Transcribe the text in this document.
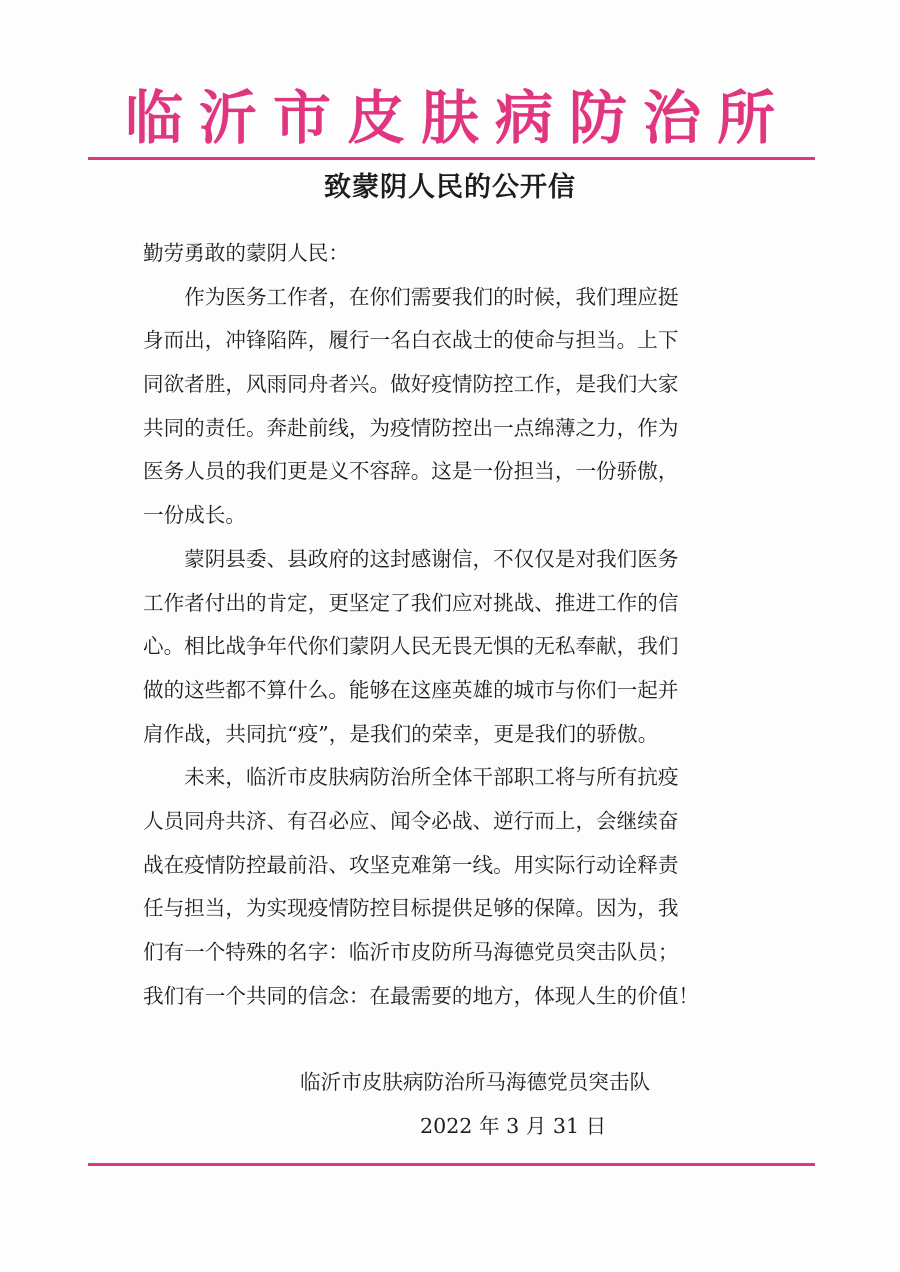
临沂市皮肤病防治所
致蒙阴人民的公开信
勤劳勇敢的蒙阴人民：
　　作为医务工作者，在你们需要我们的时候，我们理应挺
身而出，冲锋陷阵，履行一名白衣战士的使命与担当。上下
同欲者胜，风雨同舟者兴。做好疫情防控工作，是我们大家
共同的责任。奔赴前线，为疫情防控出一点绵薄之力，作为
医务人员的我们更是义不容辞。这是一份担当，一份骄傲，
一份成长。
　　蒙阴县委、县政府的这封感谢信，不仅仅是对我们医务
工作者付出的肯定，更坚定了我们应对挑战、推进工作的信
心。相比战争年代你们蒙阴人民无畏无惧的无私奉献，我们
做的这些都不算什么。能够在这座英雄的城市与你们一起并
肩作战，共同抗“疫”，是我们的荣幸，更是我们的骄傲。
　　未来，临沂市皮肤病防治所全体干部职工将与所有抗疫
人员同舟共济、有召必应、闻令必战、逆行而上，会继续奋
战在疫情防控最前沿、攻坚克难第一线。用实际行动诠释责
任与担当，为实现疫情防控目标提供足够的保障。因为，我
们有一个特殊的名字：临沂市皮防所马海德党员突击队员；
我们有一个共同的信念：在最需要的地方，体现人生的价值！
临沂市皮肤病防治所马海德党员突击队
2022 年 3 月 31 日
